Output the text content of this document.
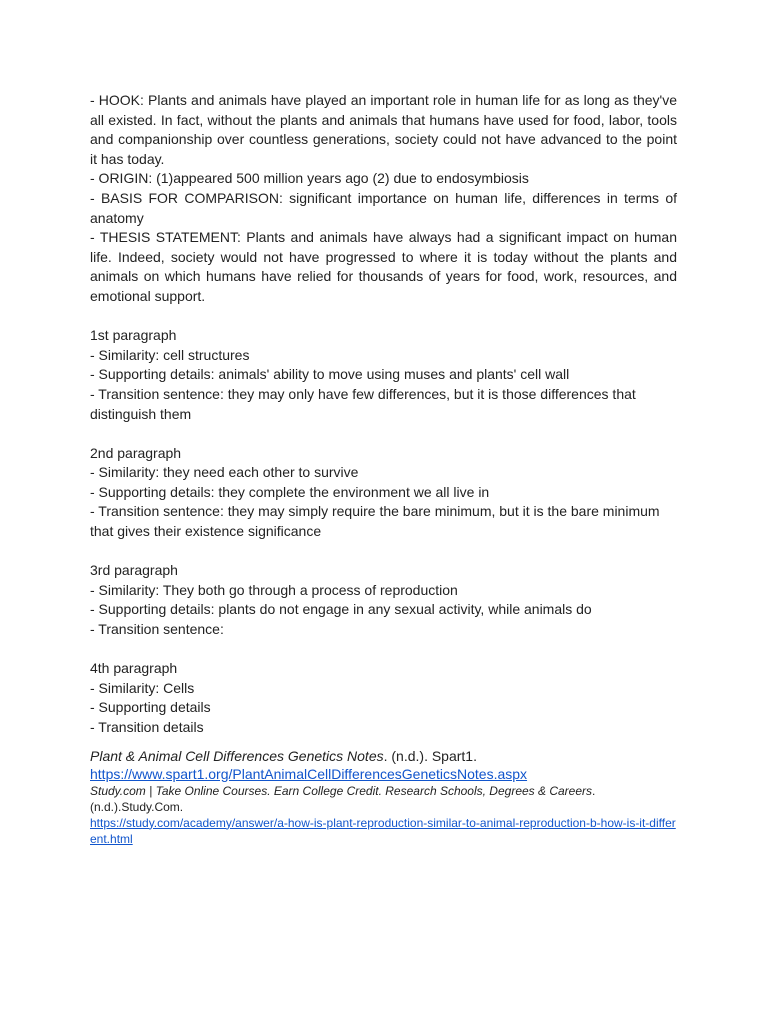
- HOOK: Plants and animals have played an important role in human life for as long as they've all existed. In fact, without the plants and animals that humans have used for food, labor, tools and companionship over countless generations, society could not have advanced to the point it has today.

- ORIGIN: (1)appeared 500 million years ago (2) due to endosymbiosis

- BASIS FOR COMPARISON: significant importance on human life, differences in terms of anatomy

- THESIS STATEMENT: Plants and animals have always had a significant impact on human life. Indeed, society would not have progressed to where it is today without the plants and animals on which humans have relied for thousands of years for food, work, resources, and emotional support.

1st paragraph

- Similarity: cell structures

- Supporting details: animals' ability to move using muses and plants' cell wall

- Transition sentence: they may only have few differences, but it is those differences that distinguish them

2nd paragraph

- Similarity: they need each other to survive

- Supporting details: they complete the environment we all live in

- Transition sentence: they may simply require the bare minimum, but it is the bare minimum that gives their existence significance

3rd paragraph

- Similarity: They both go through a process of reproduction

- Supporting details: plants do not engage in any sexual activity, while animals do

- Transition sentence:

4th paragraph

- Similarity: Cells

- Supporting details

- Transition details

Plant & Animal Cell Differences Genetics Notes. (n.d.). Spart1.
https://www.spart1.org/PlantAnimalCellDifferencesGeneticsNotes.aspx
Study.com | Take Online Courses. Earn College Credit. Research Schools, Degrees & Careers. (n.d.).Study.Com.
https://study.com/academy/answer/a-how-is-plant-reproduction-similar-to-animal-reproduction-b-how-is-it-different.html
